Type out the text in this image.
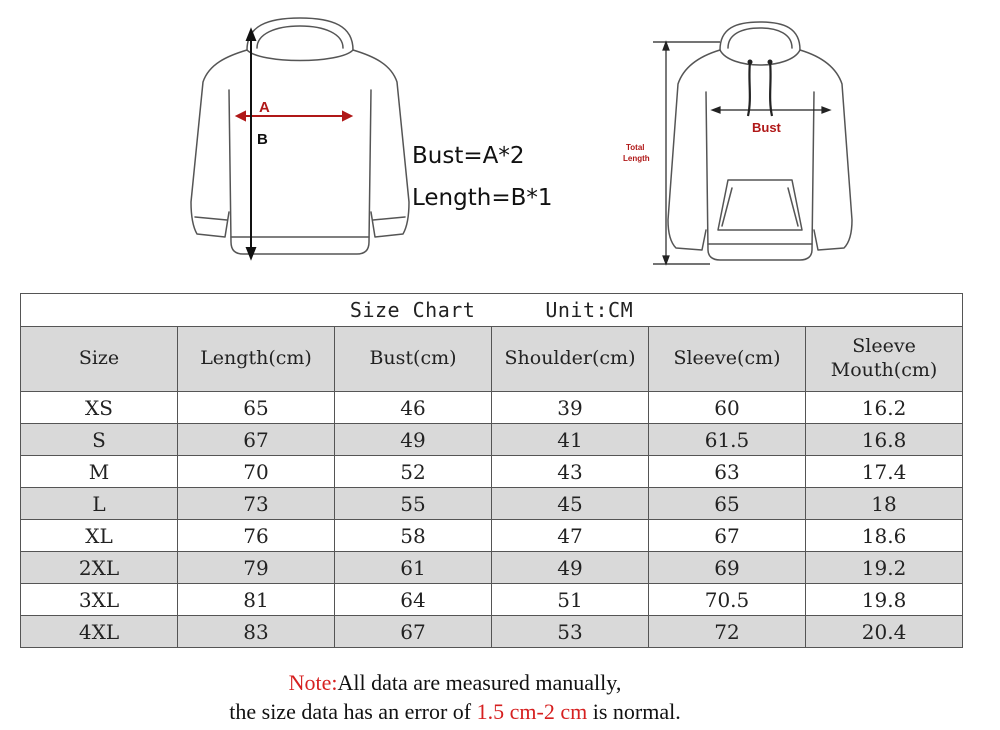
A
B
Bust=A*2
Length=B*1
Bust
Total
Length
Size Chart Unit:CM					
Size	Length(cm)	Bust(cm)	Shoulder(cm)	Sleeve(cm)	Sleeve
Mouth(cm)
XS	65	46	39	60	16.2
S	67	49	41	61.5	16.8
M	70	52	43	63	17.4
L	73	55	45	65	18
XL	76	58	47	67	18.6
2XL	79	61	49	69	19.2
3XL	81	64	51	70.5	19.8
4XL	83	67	53	72	20.4
Note:All data are measured manually,
the size data has an error of 1.5 cm-2 cm is normal.
